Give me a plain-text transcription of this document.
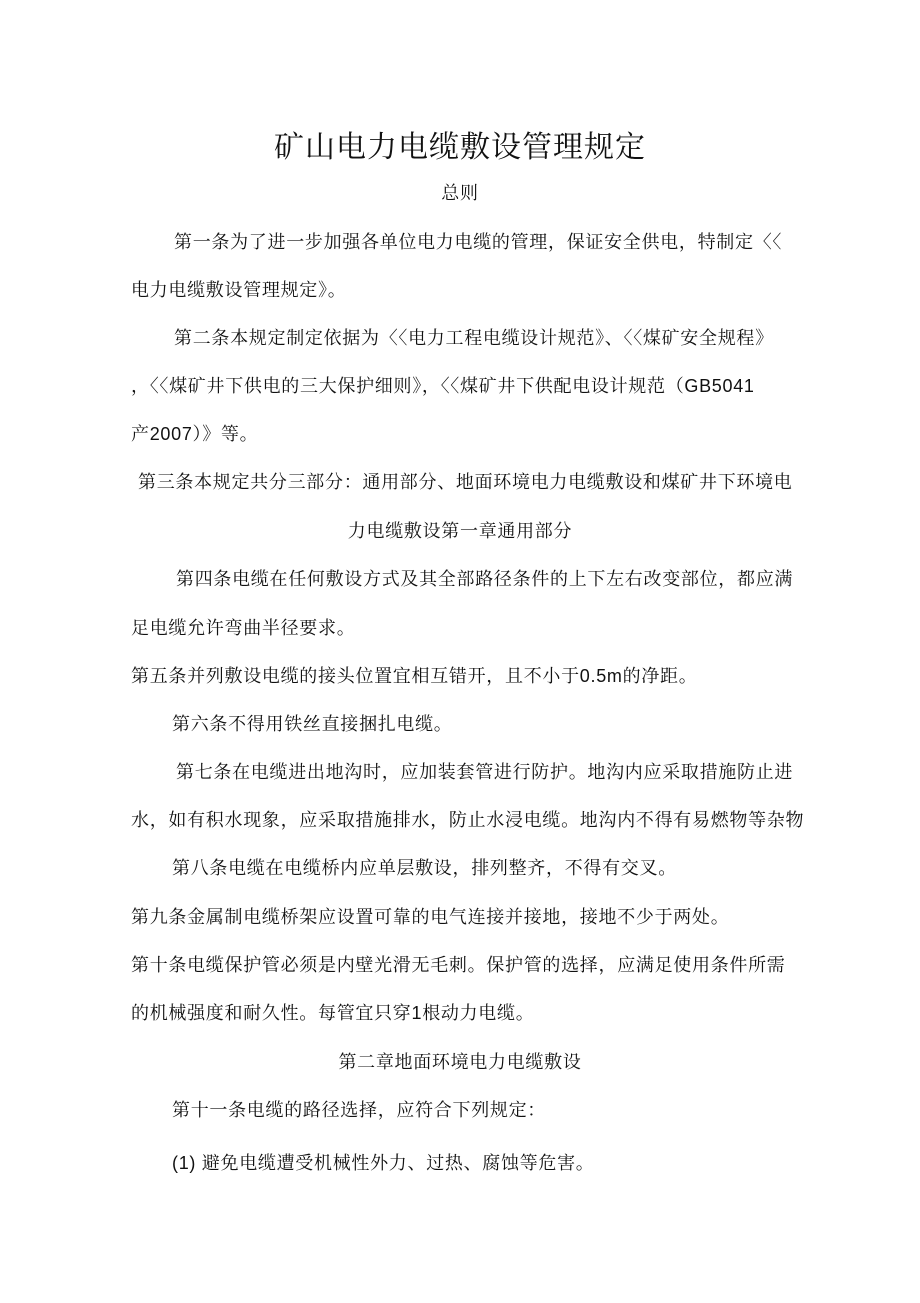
矿山电力电缆敷设管理规定
总则
第一条为了进一步加强各单位电力电缆的管理，保证安全供电，特制定〈〈
电力电缆敷设管理规定》。
第二条本规定制定依据为〈〈电力工程电缆设计规范》、〈〈煤矿安全规程》
，〈〈煤矿井下供电的三大保护细则》，〈〈煤矿井下供配电设计规范（GB5041
产2007）》等。
第三条本规定共分三部分：通用部分、地面环境电力电缆敷设和煤矿井下环境电
力电缆敷设第一章通用部分
第四条电缆在任何敷设方式及其全部路径条件的上下左右改变部位，都应满
足电缆允许弯曲半径要求。
第五条并列敷设电缆的接头位置宜相互错开，且不小于0.5m的净距。
第六条不得用铁丝直接捆扎电缆。
第七条在电缆进出地沟时，应加装套管进行防护。地沟内应采取措施防止进
水，如有积水现象，应采取措施排水，防止水浸电缆。地沟内不得有易燃物等杂物
第八条电缆在电缆桥内应单层敷设，排列整齐，不得有交叉。
第九条金属制电缆桥架应设置可靠的电气连接并接地，接地不少于两处。
第十条电缆保护管必须是内壁光滑无毛刺。保护管的选择，应满足使用条件所需
的机械强度和耐久性。每管宜只穿1根动力电缆。
第二章地面环境电力电缆敷设
第十一条电缆的路径选择，应符合下列规定：
(1) 避免电缆遭受机械性外力、过热、腐蚀等危害。
